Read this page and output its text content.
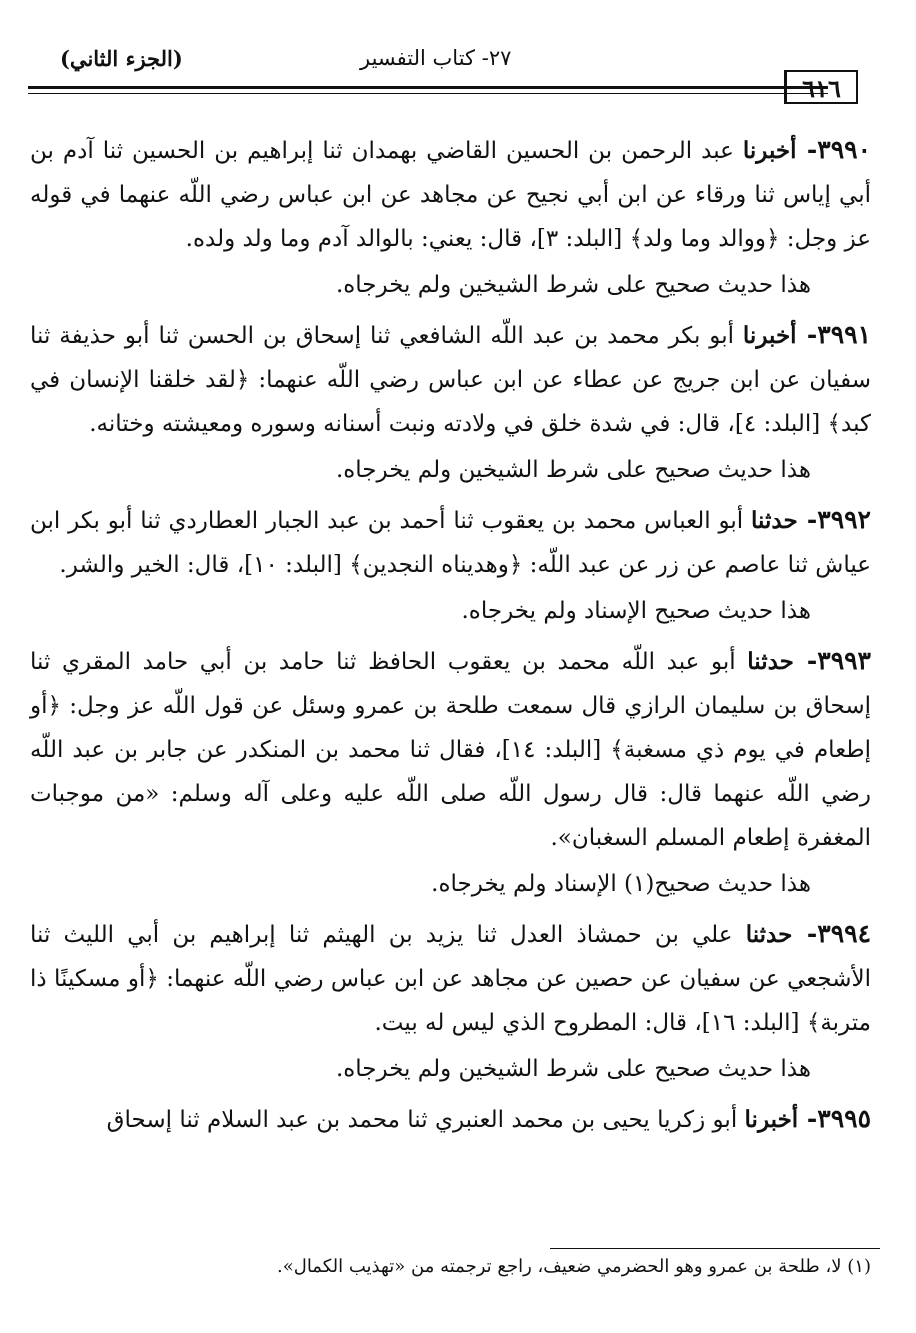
(الجزء الثاني)	٢٧- كتاب التفسير
٦١٦

٣٩٩٠- أخبرنا عبد الرحمن بن الحسين القاضي بهمدان ثنا إبراهيم بن الحسين ثنا آدم بن أبي إياس ثنا ورقاء عن ابن أبي نجيح عن مجاهد عن ابن عباس رضي اللّه عنهما في قوله عز وجل: ﴿ووالد وما ولد﴾ [البلد: ٣]، قال: يعني: بالوالد آدم وما ولد ولده.

هذا حديث صحيح على شرط الشيخين ولم يخرجاه.

٣٩٩١- أخبرنا أبو بكر محمد بن عبد اللّه الشافعي ثنا إسحاق بن الحسن ثنا أبو حذيفة ثنا سفيان عن ابن جريج عن عطاء عن ابن عباس رضي اللّه عنهما: ﴿لقد خلقنا الإنسان في كبد﴾ [البلد: ٤]، قال: في شدة خلق في ولادته ونبت أسنانه وسوره ومعيشته وختانه.

هذا حديث صحيح على شرط الشيخين ولم يخرجاه.

٣٩٩٢- حدثنا أبو العباس محمد بن يعقوب ثنا أحمد بن عبد الجبار العطاردي ثنا أبو بكر ابن عياش ثنا عاصم عن زر عن عبد اللّه: ﴿وهديناه النجدين﴾ [البلد: ١٠]، قال: الخير والشر.

هذا حديث صحيح الإسناد ولم يخرجاه.

٣٩٩٣- حدثنا أبو عبد اللّه محمد بن يعقوب الحافظ ثنا حامد بن أبي حامد المقري ثنا إسحاق بن سليمان الرازي قال سمعت طلحة بن عمرو وسئل عن قول اللّه عز وجل: ﴿أو إطعام في يوم ذي مسغبة﴾ [البلد: ١٤]، فقال ثنا محمد بن المنكدر عن جابر بن عبد اللّه رضي اللّه عنهما قال: قال رسول اللّه صلى اللّه عليه وعلى آله وسلم: «من موجبات المغفرة إطعام المسلم السغبان».

هذا حديث صحيح(١) الإسناد ولم يخرجاه.

٣٩٩٤- حدثنا علي بن حمشاذ العدل ثنا يزيد بن الهيثم ثنا إبراهيم بن أبي الليث ثنا الأشجعي عن سفيان عن حصين عن مجاهد عن ابن عباس رضي اللّه عنهما: ﴿أو مسكينًا ذا متربة﴾ [البلد: ١٦]، قال: المطروح الذي ليس له بيت.

هذا حديث صحيح على شرط الشيخين ولم يخرجاه.

٣٩٩٥- أخبرنا أبو زكريا يحيى بن محمد العنبري ثنا محمد بن عبد السلام ثنا إسحاق

(١) لا، طلحة بن عمرو وهو الحضرمي ضعيف، راجع ترجمته من «تهذيب الكمال».
